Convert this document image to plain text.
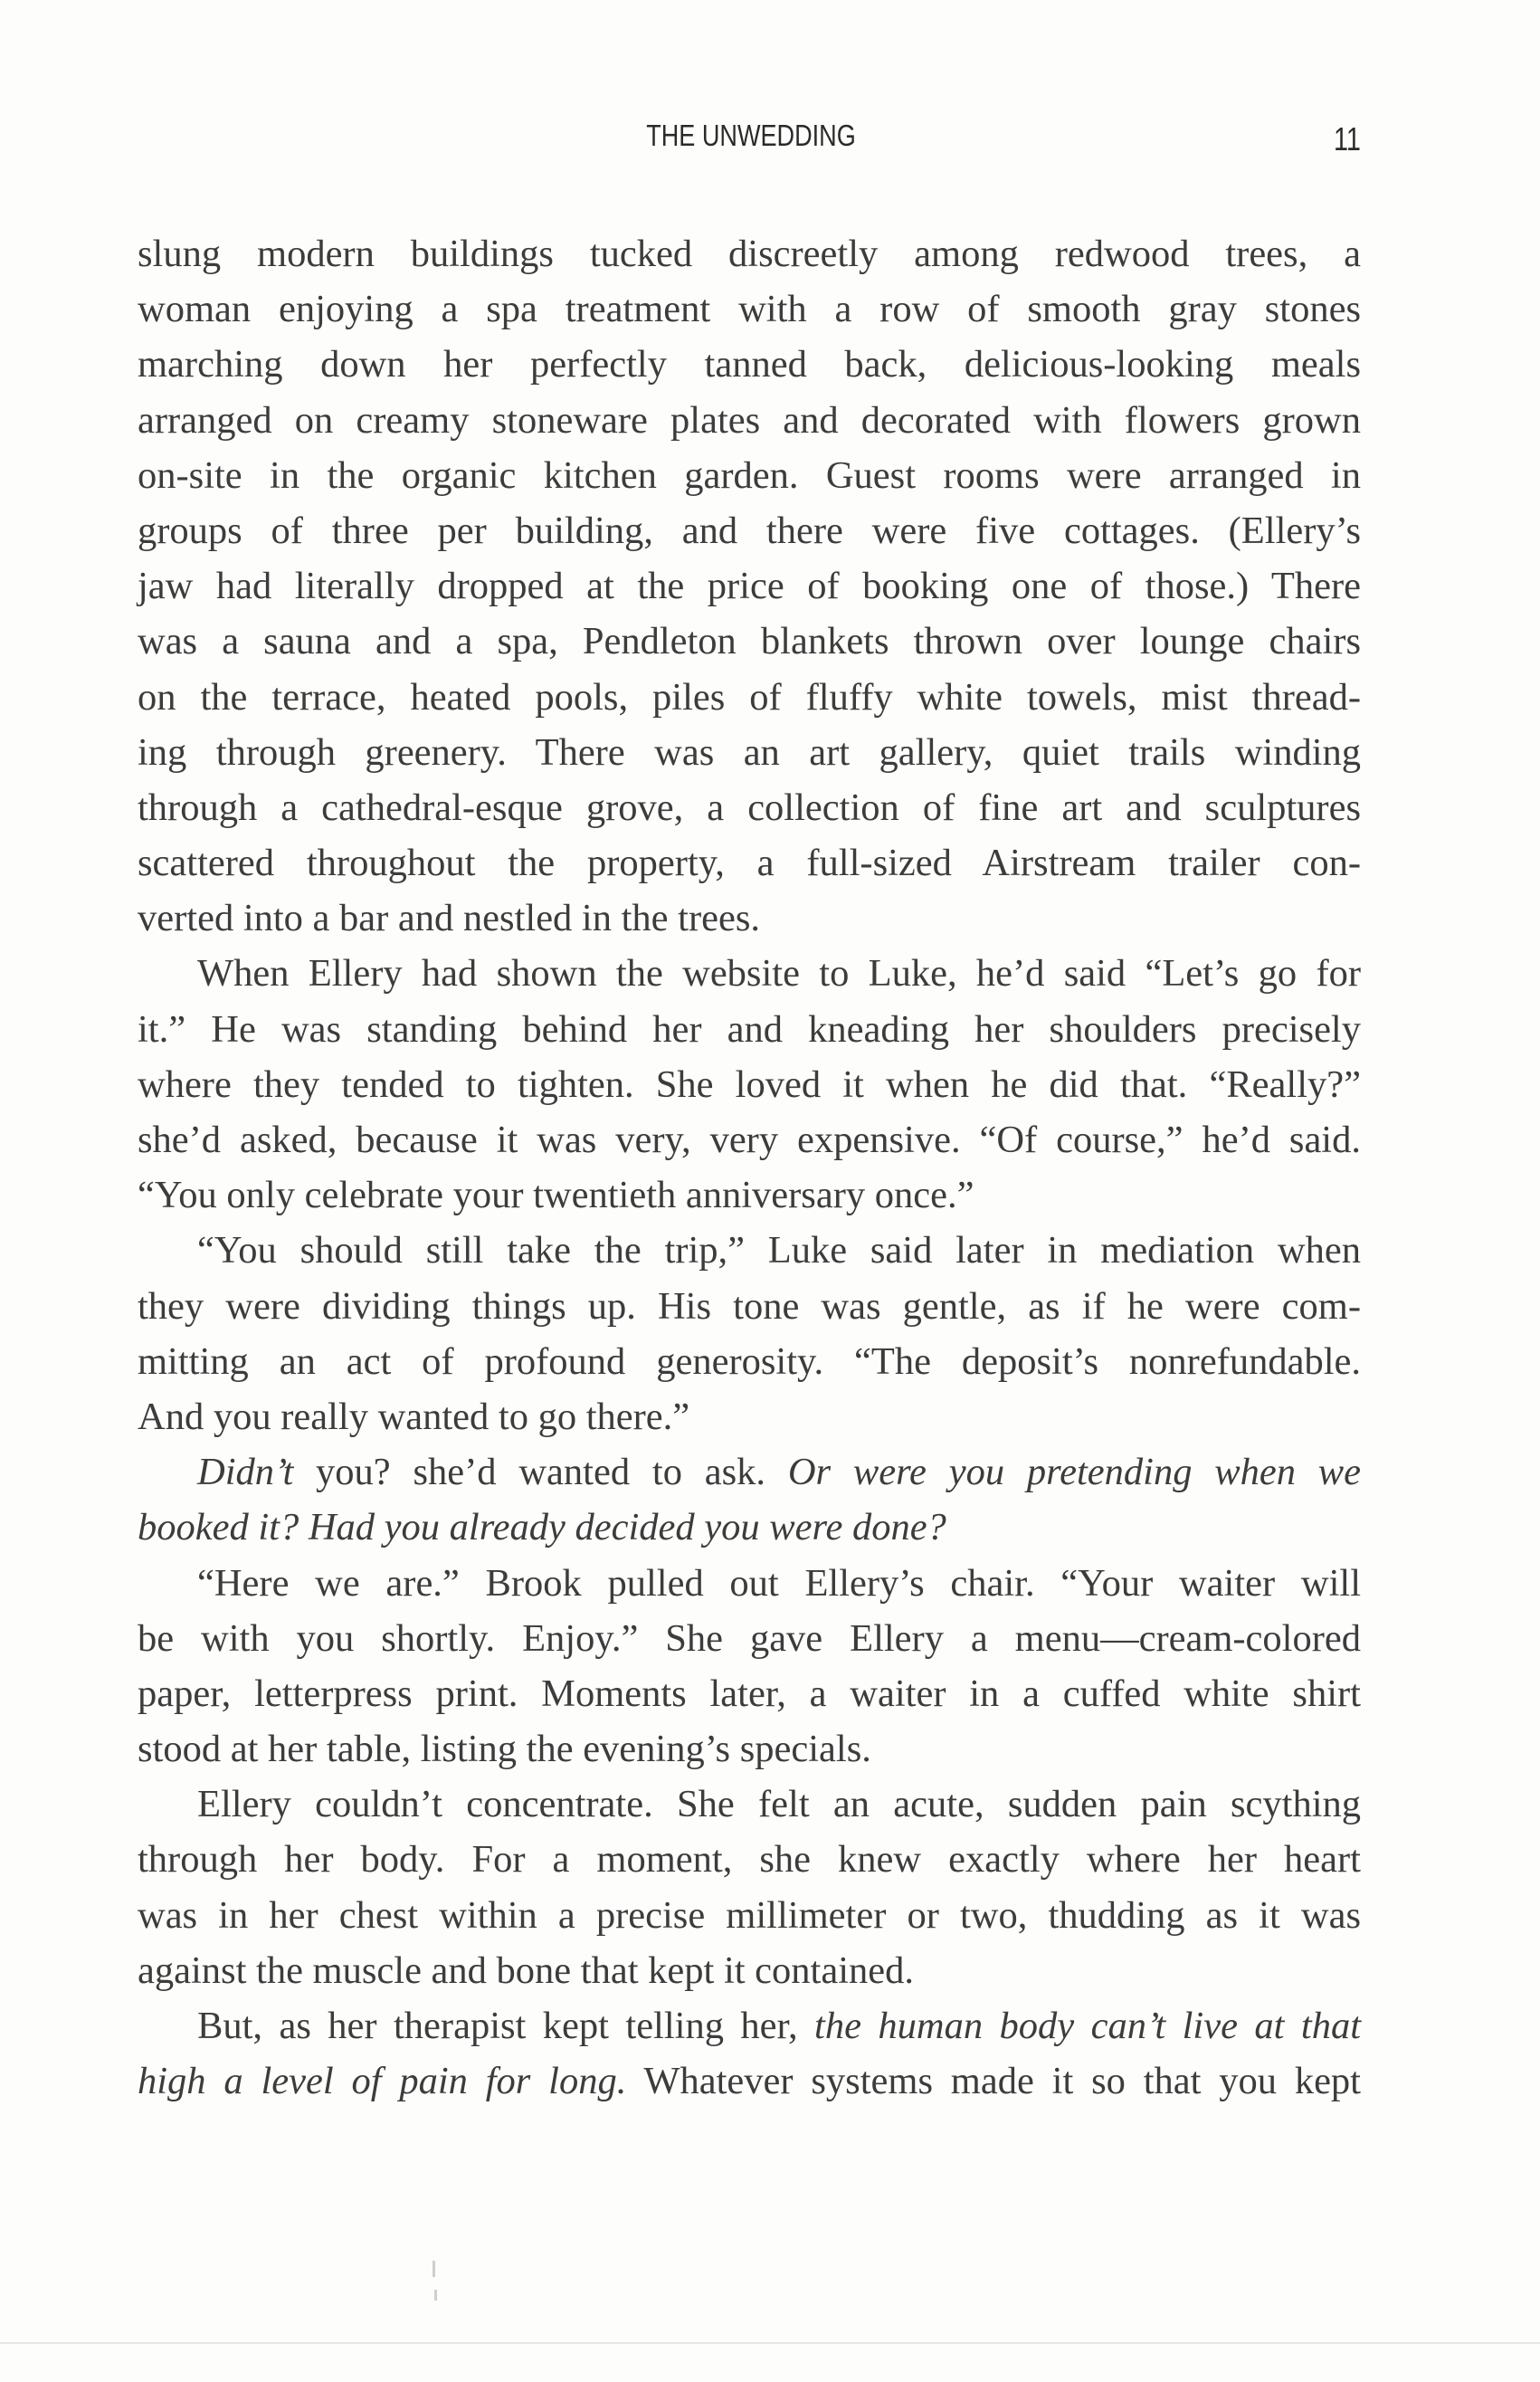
THE UNWEDDING	11
slung modern buildings tucked discreetly among redwood trees, a
woman enjoying a spa treatment with a row of smooth gray stones
marching down her perfectly tanned back, delicious-looking meals
arranged on creamy stoneware plates and decorated with flowers grown
on-site in the organic kitchen garden. Guest rooms were arranged in
groups of three per building, and there were five cottages. (Ellery’s
jaw had literally dropped at the price of booking one of those.) There
was a sauna and a spa, Pendleton blankets thrown over lounge chairs
on the terrace, heated pools, piles of fluffy white towels, mist thread-
ing through greenery. There was an art gallery, quiet trails winding
through a cathedral-esque grove, a collection of fine art and sculptures
scattered throughout the property, a full-sized Airstream trailer con-
verted into a bar and nestled in the trees.
When Ellery had shown the website to Luke, he’d said “Let’s go for
it.” He was standing behind her and kneading her shoulders precisely
where they tended to tighten. She loved it when he did that. “Really?”
she’d asked, because it was very, very expensive. “Of course,” he’d said.
“You only celebrate your twentieth anniversary once.”
“You should still take the trip,” Luke said later in mediation when
they were dividing things up. His tone was gentle, as if he were com-
mitting an act of profound generosity. “The deposit’s nonrefundable.
And you really wanted to go there.”
Didn’t you? she’d wanted to ask. Or were you pretending when we
booked it? Had you already decided you were done?
“Here we are.” Brook pulled out Ellery’s chair. “Your waiter will
be with you shortly. Enjoy.” She gave Ellery a menu—cream-colored
paper, letterpress print. Moments later, a waiter in a cuffed white shirt
stood at her table, listing the evening’s specials.
Ellery couldn’t concentrate. She felt an acute, sudden pain scything
through her body. For a moment, she knew exactly where her heart
was in her chest within a precise millimeter or two, thudding as it was
against the muscle and bone that kept it contained.
But, as her therapist kept telling her, the human body can’t live at that
high a level of pain for long. Whatever systems made it so that you kept
